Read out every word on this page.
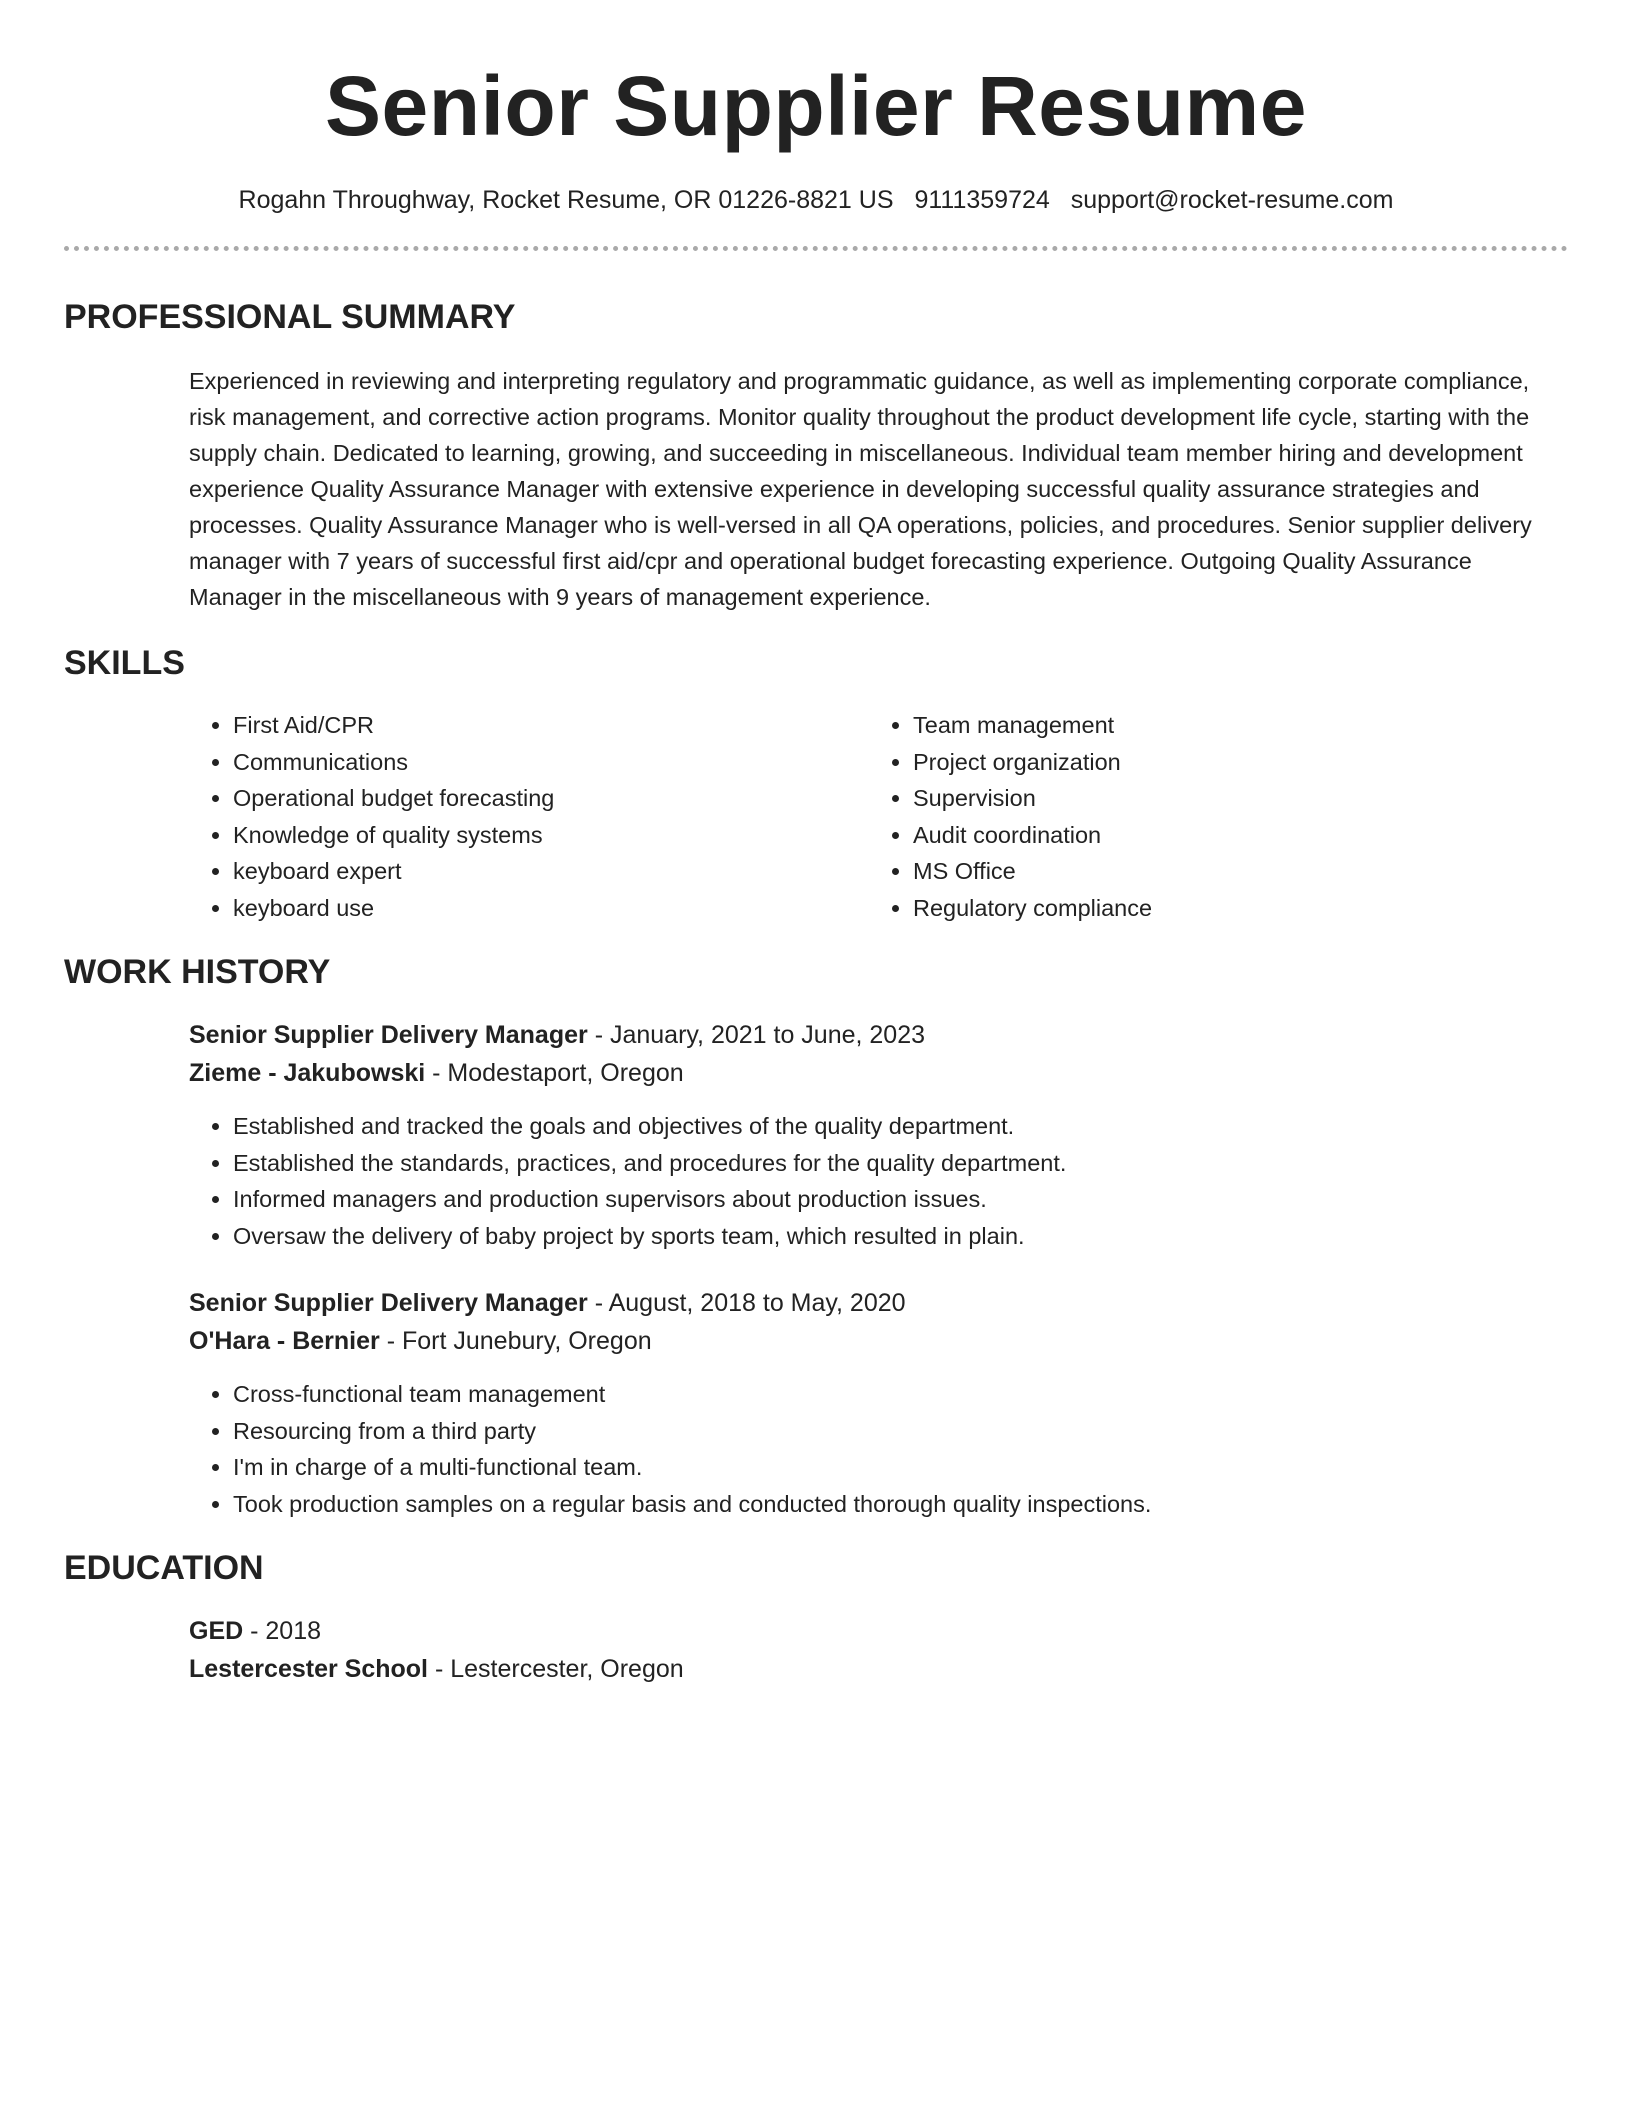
Senior Supplier Resume
Rogahn Throughway, Rocket Resume, OR 01226-8821 US 9111359724 support@rocket-resume.com
PROFESSIONAL SUMMARY

Experienced in reviewing and interpreting regulatory and programmatic guidance, as well as implementing corporate compliance, risk management, and corrective action programs. Monitor quality throughout the product development life cycle, starting with the supply chain. Dedicated to learning, growing, and succeeding in miscellaneous. Individual team member hiring and development experience Quality Assurance Manager with extensive experience in developing successful quality assurance strategies and processes. Quality Assurance Manager who is well-versed in all QA operations, policies, and procedures. Senior supplier delivery manager with 7 years of successful first aid/cpr and operational budget forecasting experience. Outgoing Quality Assurance Manager in the miscellaneous with 9 years of management experience.

SKILLS
• First Aid/CPR
• Communications
• Operational budget forecasting
• Knowledge of quality systems
• keyboard expert
• keyboard use
• Team management
• Project organization
• Supervision
• Audit coordination
• MS Office
• Regulatory compliance
WORK HISTORY
Senior Supplier Delivery Manager - January, 2021 to June, 2023
Zieme - Jakubowski - Modestaport, Oregon
• Established and tracked the goals and objectives of the quality department.
• Established the standards, practices, and procedures for the quality department.
• Informed managers and production supervisors about production issues.
• Oversaw the delivery of baby project by sports team, which resulted in plain.
Senior Supplier Delivery Manager - August, 2018 to May, 2020
O'Hara - Bernier - Fort Junebury, Oregon
• Cross-functional team management
• Resourcing from a third party
• I'm in charge of a multi-functional team.
• Took production samples on a regular basis and conducted thorough quality inspections.
EDUCATION
GED - 2018
Lestercester School - Lestercester, Oregon
